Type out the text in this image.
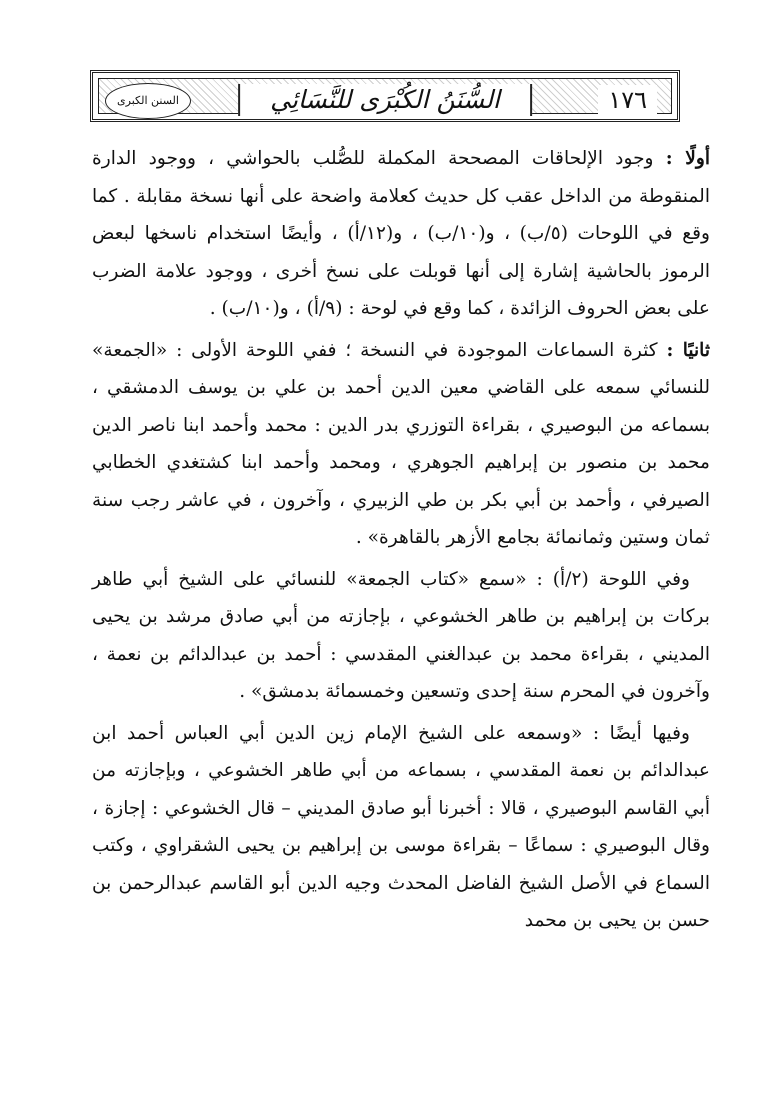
١٧٦
السُّنَنُ الكُبْرَى للنَّسَائِي
السنن الكبرى

أولًا : وجود الإلحاقات المصححة المكملة للصُّلب بالحواشي ، ووجود الدارة المنقوطة من الداخل عقب كل حديث كعلامة واضحة على أنها نسخة مقابلة . كما وقع في اللوحات (٥/ب) ، و(١٠/ب) ، و(١٢/أ) ، وأيضًا استخدام ناسخها لبعض الرموز بالحاشية إشارة إلى أنها قوبلت على نسخ أخرى ، ووجود علامة الضرب على بعض الحروف الزائدة ، كما وقع في لوحة : (٩/أ) ، و(١٠/ب) .

ثانيًا : كثرة السماعات الموجودة في النسخة ؛ ففي اللوحة الأولى : «الجمعة» للنسائي سمعه على القاضي معين الدين أحمد بن علي بن يوسف الدمشقي ، بسماعه من البوصيري ، بقراءة التوزري بدر الدين : محمد وأحمد ابنا ناصر الدين محمد بن منصور بن إبراهيم الجوهري ، ومحمد وأحمد ابنا كشتغدي الخطابي الصيرفي ، وأحمد بن أبي بكر بن طي الزبيري ، وآخرون ، في عاشر رجب سنة ثمان وستين وثمانمائة بجامع الأزهر بالقاهرة» .

وفي اللوحة (٢/أ) : «سمع «كتاب الجمعة» للنسائي على الشيخ أبي طاهر بركات بن إبراهيم بن طاهر الخشوعي ، بإجازته من أبي صادق مرشد بن يحيى المديني ، بقراءة محمد بن عبدالغني المقدسي : أحمد بن عبدالدائم بن نعمة ، وآخرون في المحرم سنة إحدى وتسعين وخمسمائة بدمشق» .

وفيها أيضًا : «وسمعه على الشيخ الإمام زين الدين أبي العباس أحمد ابن عبدالدائم بن نعمة المقدسي ، بسماعه من أبي طاهر الخشوعي ، وبإجازته من أبي القاسم البوصيري ، قالا : أخبرنا أبو صادق المديني – قال الخشوعي : إجازة ، وقال البوصيري : سماعًا – بقراءة موسى بن إبراهيم بن يحيى الشقراوي ، وكتب السماع في الأصل الشيخ الفاضل المحدث وجيه الدين أبو القاسم عبدالرحمن بن حسن بن يحيى بن محمد
